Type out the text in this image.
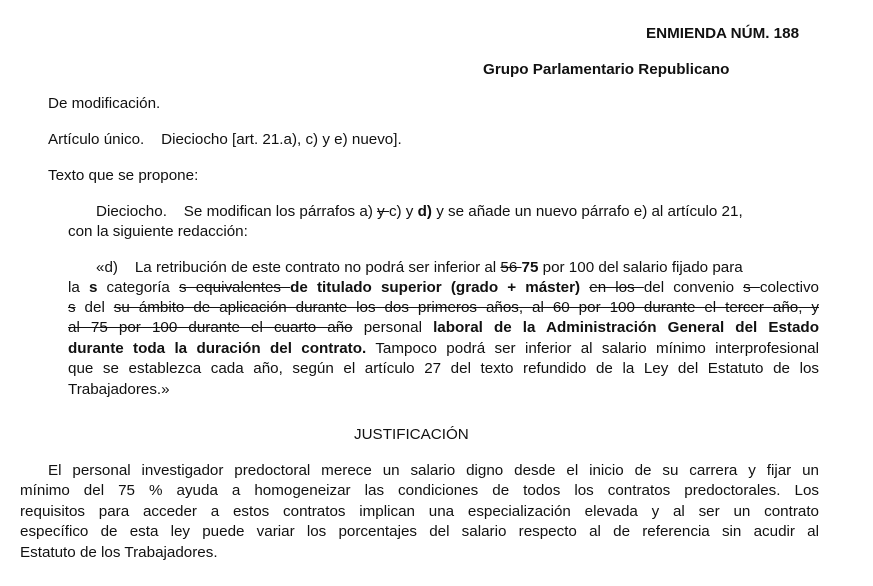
ENMIENDA NÚM. 188
Grupo Parlamentario Republicano
De modificación.
Artículo único.    Dieciocho [art. 21.a), c) y e) nuevo].
Texto que se propone:
Dieciocho.    Se modifican los párrafos a) y c) y d) y se añade un nuevo párrafo e) al artículo 21,
con la siguiente redacción:
«d)    La retribución de este contrato no podrá ser inferior al 56 75 por 100 del salario fijado para
la s categoría s equivalentes de titulado superior (grado + máster) en los del convenio s colectivo
s del su ámbito de aplicación durante los dos primeros años, al 60 por 100 durante el tercer año, y
al 75 por 100 durante el cuarto año personal laboral de la Administración General del Estado
durante toda la duración del contrato. Tampoco podrá ser inferior al salario mínimo interprofesional
que se establezca cada año, según el artículo 27 del texto refundido de la Ley del Estatuto de los
Trabajadores.»
JUSTIFICACIÓN
El personal investigador predoctoral merece un salario digno desde el inicio de su carrera y fijar un
mínimo del 75 % ayuda a homogeneizar las condiciones de todos los contratos predoctorales. Los
requisitos para acceder a estos contratos implican una especialización elevada y al ser un contrato
específico de esta ley puede variar los porcentajes del salario respecto al de referencia sin acudir al
Estatuto de los Trabajadores.
